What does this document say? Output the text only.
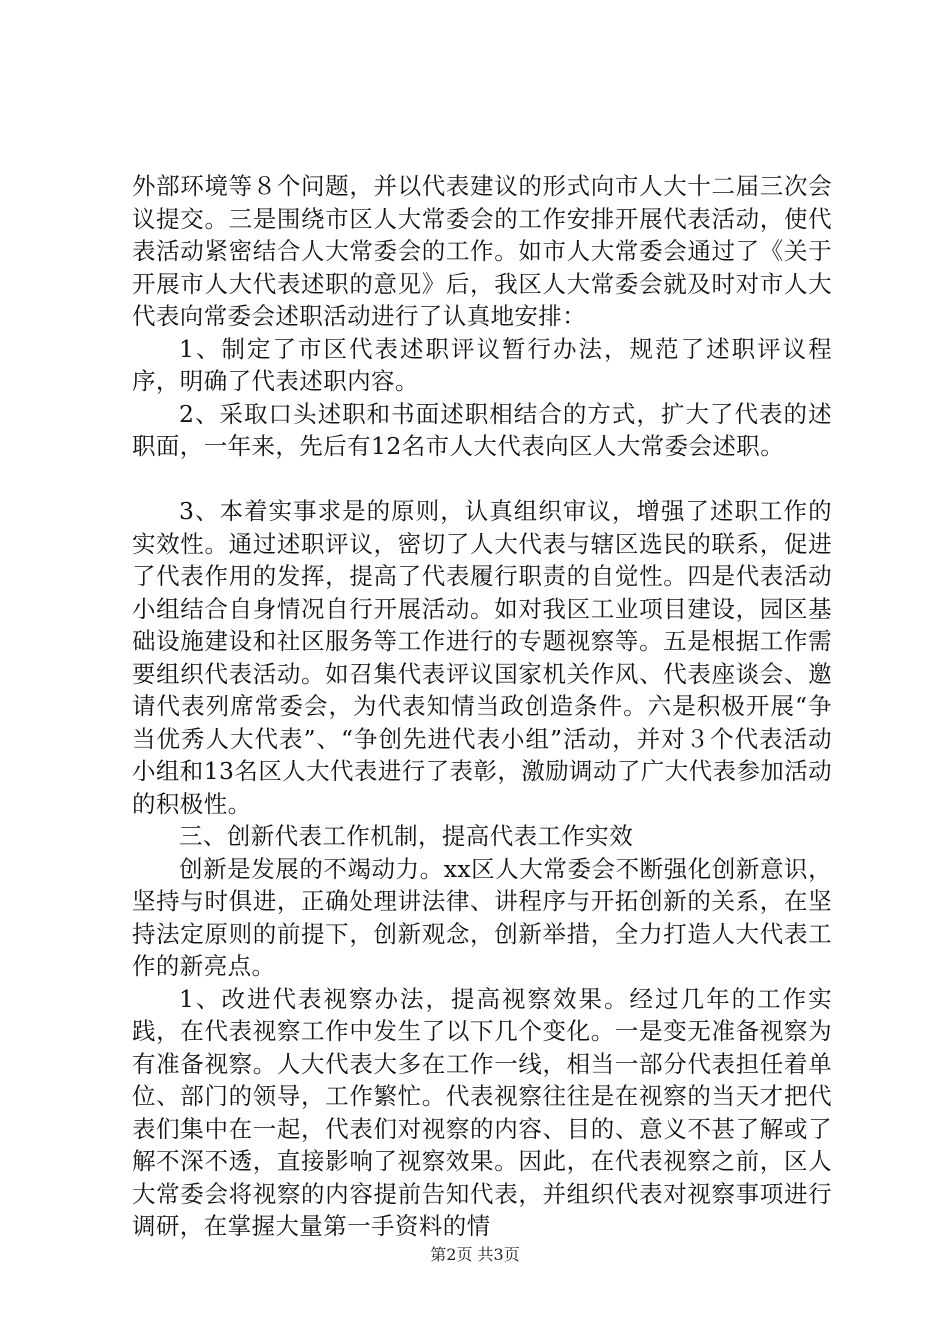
外部环境等８个问题，并以代表建议的形式向市人大十二届三次会议提交。三是围绕市区人大常委会的工作安排开展代表活动，使代表活动紧密结合人大常委会的工作。如市人大常委会通过了《关于开展市人大代表述职的意见》后，我区人大常委会就及时对市人大代表向常委会述职活动进行了认真地安排：

1、制定了市区代表述职评议暂行办法，规范了述职评议程序，明确了代表述职内容。

2、采取口头述职和书面述职相结合的方式，扩大了代表的述职面，一年来，先后有12名市人大代表向区人大常委会述职。

3、本着实事求是的原则，认真组织审议，增强了述职工作的实效性。通过述职评议，密切了人大代表与辖区选民的联系，促进了代表作用的发挥，提高了代表履行职责的自觉性。四是代表活动小组结合自身情况自行开展活动。如对我区工业项目建设，园区基础设施建设和社区服务等工作进行的专题视察等。五是根据工作需要组织代表活动。如召集代表评议国家机关作风、代表座谈会、邀请代表列席常委会，为代表知情当政创造条件。六是积极开展“争当优秀人大代表”、“争创先进代表小组”活动，并对３个代表活动小组和13名区人大代表进行了表彰，激励调动了广大代表参加活动的积极性。

三、创新代表工作机制，提高代表工作实效

创新是发展的不竭动力。xx区人大常委会不断强化创新意识，坚持与时俱进，正确处理讲法律、讲程序与开拓创新的关系，在坚持法定原则的前提下，创新观念，创新举措，全力打造人大代表工作的新亮点。

1、改进代表视察办法，提高视察效果。经过几年的工作实践，在代表视察工作中发生了以下几个变化。一是变无准备视察为有准备视察。人大代表大多在工作一线，相当一部分代表担任着单位、部门的领导，工作繁忙。代表视察往往是在视察的当天才把代表们集中在一起，代表们对视察的内容、目的、意义不甚了解或了解不深不透，直接影响了视察效果。因此，在代表视察之前，区人大常委会将视察的内容提前告知代表，并组织代表对视察事项进行调研，在掌握大量第一手资料的情

第2页 共3页
